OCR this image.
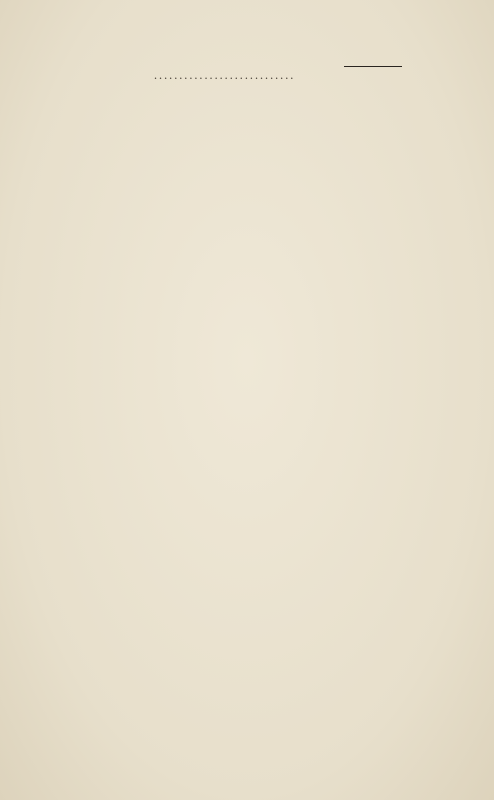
............................
